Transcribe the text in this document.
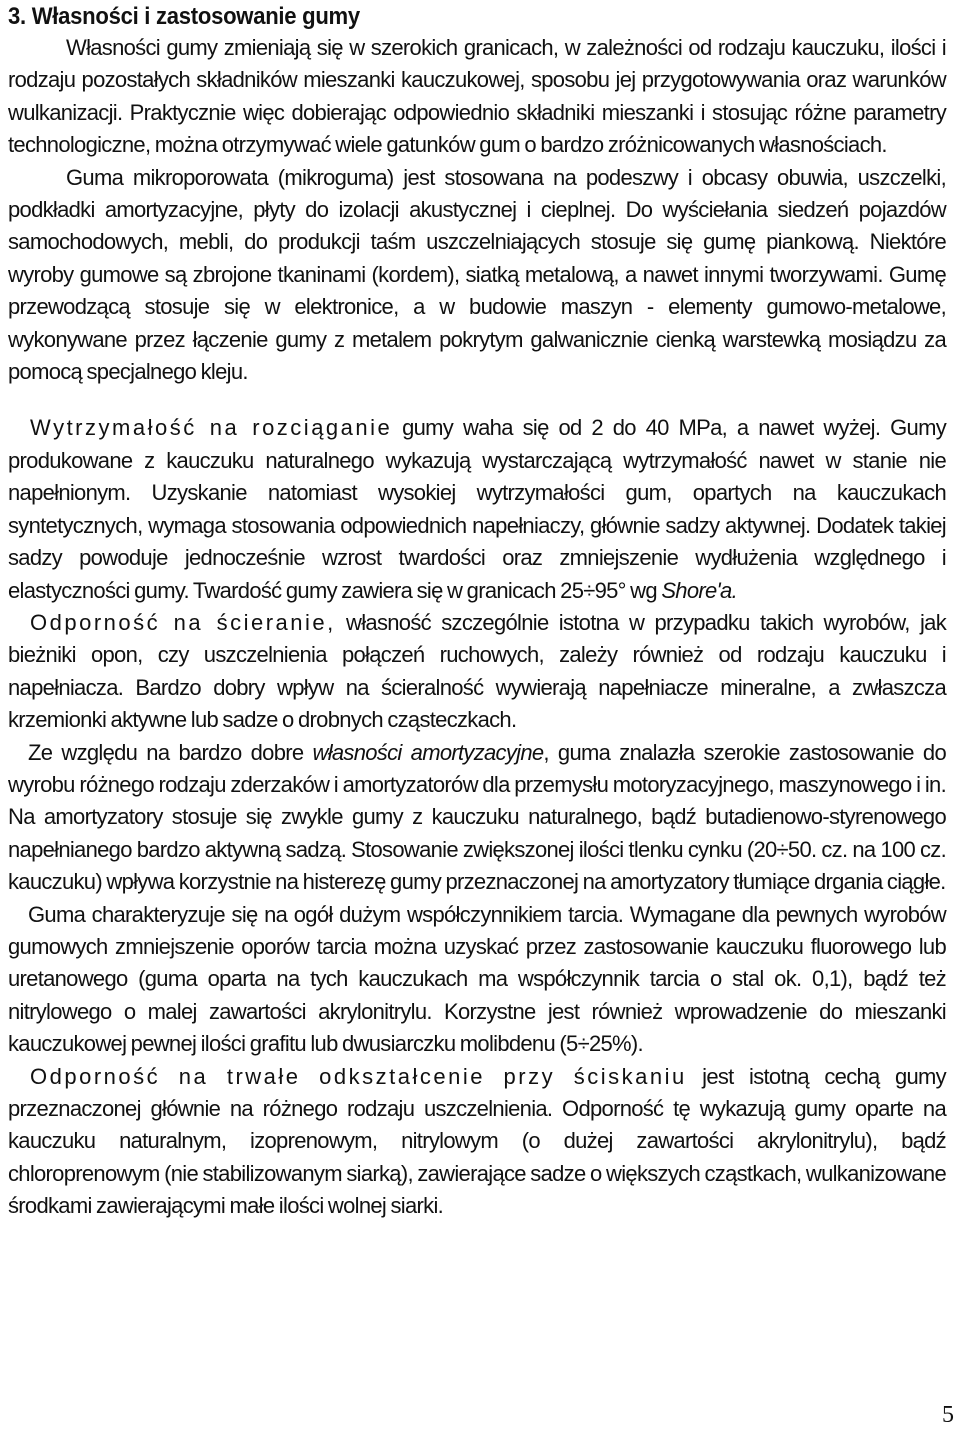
3. Własności i zastosowanie gumy

Własności gumy zmieniają się w szerokich granicach, w zależności od rodzaju kauczuku, ilości i rodzaju pozostałych składników mieszanki kauczukowej, sposobu jej przygotowywania oraz warunków wulkanizacji. Praktycznie więc dobierając odpowiednio składniki mieszanki i stosując różne parametry technologiczne, można otrzymywać wiele gatunków gum o bardzo zróżnicowanych własnościach.

Guma mikroporowata (mikroguma) jest stosowana na podeszwy i obcasy obuwia, uszczelki, podkładki amortyzacyjne, płyty do izolacji akustycznej i cieplnej. Do wyściełania siedzeń pojazdów samochodowych, mebli, do produkcji taśm uszczelniających stosuje się gumę piankową. Niektóre wyroby gumowe są zbrojone tkaninami (kordem), siatką metalową, a nawet innymi tworzywami. Gumę przewodzącą stosuje się w elektronice, a w budowie maszyn - elementy gumowo-metalowe, wykonywane przez łączenie gumy z metalem pokrytym galwanicznie cienką warstewką mosiądzu za pomocą specjalnego kleju.

Wytrzymałość na rozciąganie gumy waha się od 2 do 40 MPa, a nawet wyżej. Gumy produkowane z kauczuku naturalnego wykazują wystarczającą wytrzymałość nawet w stanie nie napełnionym. Uzyskanie natomiast wysokiej wytrzymałości gum, opartych na kauczukach syntetycznych, wymaga stosowania odpowiednich napełniaczy, głównie sadzy aktywnej. Dodatek takiej sadzy powoduje jednocześnie wzrost twardości oraz zmniejszenie wydłużenia względnego i elastyczności gumy. Twardość gumy zawiera się w granicach 25÷95° wg Shore'a.

Odporność na ścieranie, własność szczególnie istotna w przypadku takich wyrobów, jak bieżniki opon, czy uszczelnienia połączeń ruchowych, zależy również od rodzaju kauczuku i napełniacza. Bardzo dobry wpływ na ścieralność wywierają napełniacze mineralne, a zwłaszcza krzemionki aktywne lub sadze o drobnych cząsteczkach.

Ze względu na bardzo dobre własności amortyzacyjne, guma znalazła szerokie zastosowanie do wyrobu różnego rodzaju zderzaków i amortyzatorów dla przemysłu motoryzacyjnego, maszynowego i in. Na amortyzatory stosuje się zwykle gumy z kauczuku naturalnego, bądź butadienowo-styrenowego napełnianego bardzo aktywną sadzą. Stosowanie zwiększonej ilości tlenku cynku (20÷50. cz. na 100 cz. kauczuku) wpływa korzystnie na histerezę gumy przeznaczonej na amortyzatory tłumiące drgania ciągłe.

Guma charakteryzuje się na ogół dużym współczynnikiem tarcia. Wymagane dla pewnych wyrobów gumowych zmniejszenie oporów tarcia można uzyskać przez zastosowanie kauczuku fluorowego lub uretanowego (guma oparta na tych kauczukach ma współczynnik tarcia o stal ok. 0,1), bądź też nitrylowego o malej zawartości akrylonitrylu. Korzystne jest również wprowadzenie do mieszanki kauczukowej pewnej ilości grafitu lub dwusiarczku molibdenu (5÷25%).

Odporność na trwałe odkształcenie przy ściskaniu jest istotną cechą gumy przeznaczonej głównie na różnego rodzaju uszczelnienia. Odporność tę wykazują gumy oparte na kauczuku naturalnym, izoprenowym, nitrylowym (o dużej zawartości akrylonitrylu), bądź chloroprenowym (nie stabilizowanym siarką), zawierające sadze o większych cząstkach, wulkanizowane środkami zawierającymi małe ilości wolnej siarki.

5
